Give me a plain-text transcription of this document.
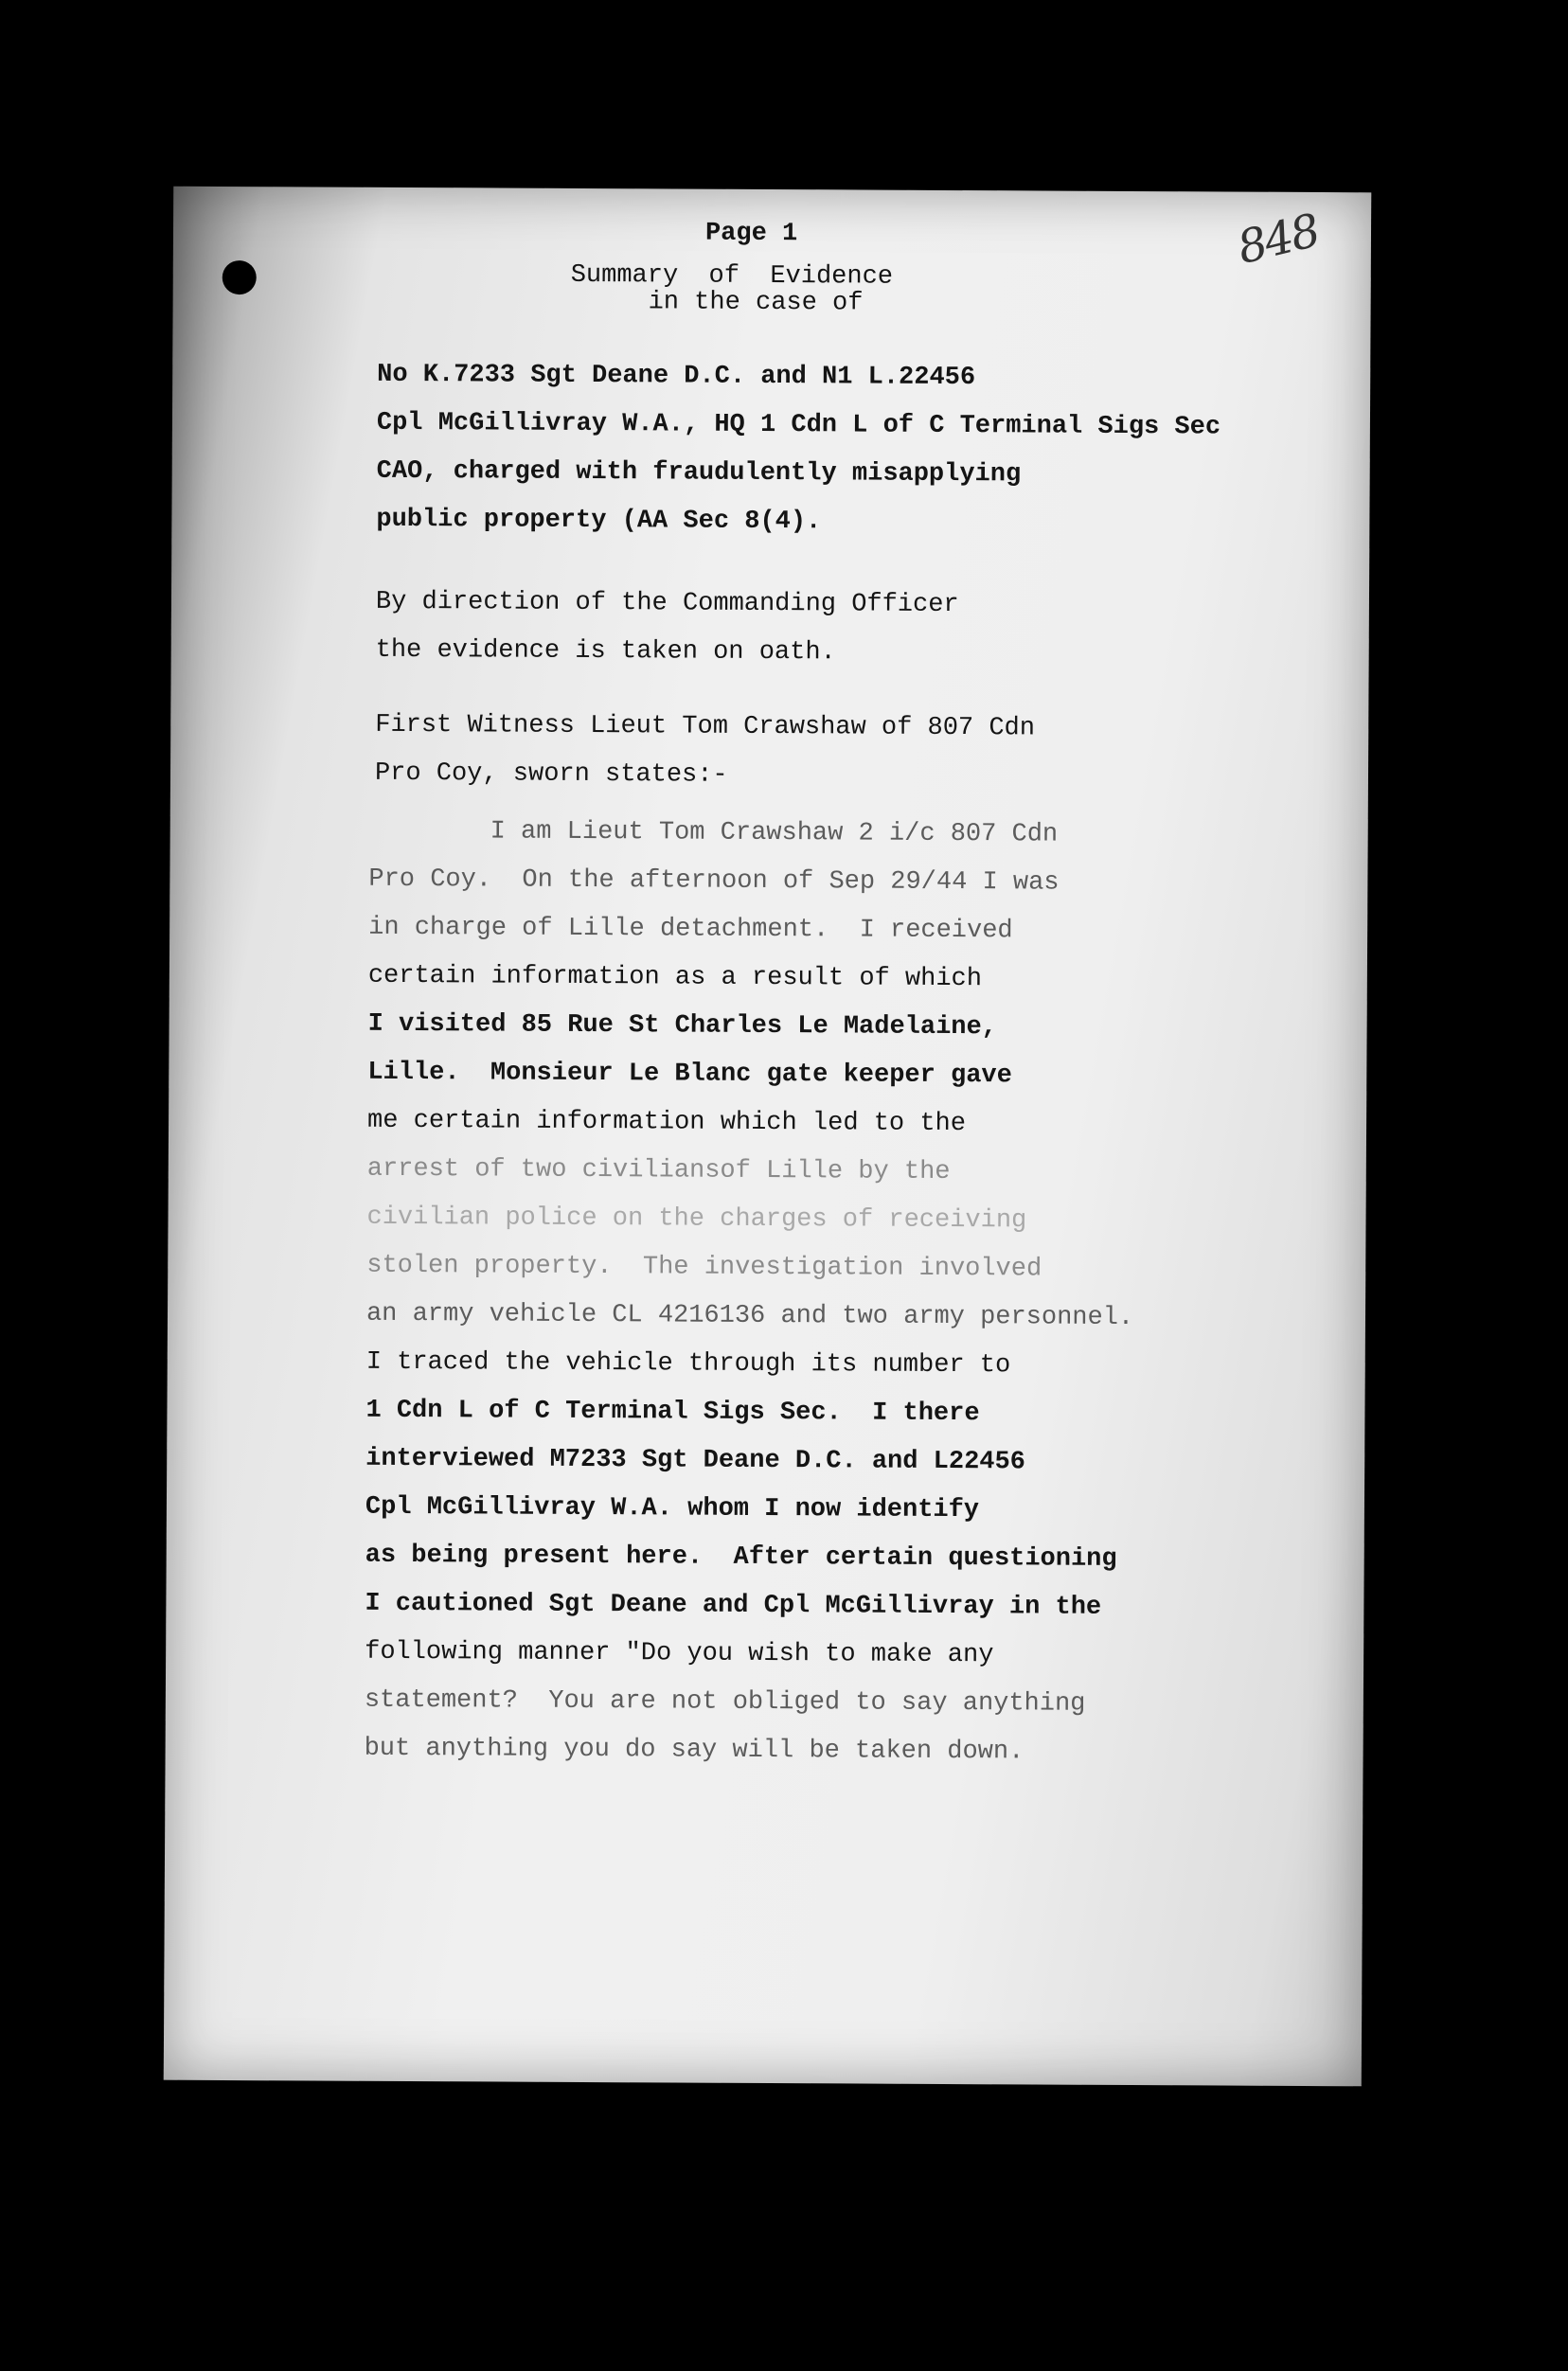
848

Page 1

Summary  of  Evidence

in the case of

No K.7233 Sgt Deane D.C. and N1 L.22456

Cpl McGillivray W.A., HQ 1 Cdn L of C Terminal Sigs Sec

CAO, charged with fraudulently misapplying

public property (AA Sec 8(4).

By direction of the Commanding Officer

the evidence is taken on oath.

First Witness Lieut Tom Crawshaw of 807 Cdn

Pro Coy, sworn states:-

I am Lieut Tom Crawshaw 2 i/c 807 Cdn

Pro Coy.  On the afternoon of Sep 29/44 I was

in charge of Lille detachment.  I received

certain information as a result of which

I visited 85 Rue St Charles Le Madelaine,

Lille.  Monsieur Le Blanc gate keeper gave

me certain information which led to the

arrest of two civiliansof Lille by the

civilian police on the charges of receiving

stolen property.  The investigation involved

an army vehicle CL 4216136 and two army personnel.

I traced the vehicle through its number to

1 Cdn L of C Terminal Sigs Sec.  I there

interviewed M7233 Sgt Deane D.C. and L22456

Cpl McGillivray W.A. whom I now identify

as being present here.  After certain questioning

I cautioned Sgt Deane and Cpl McGillivray in the

following manner "Do you wish to make any

statement?  You are not obliged to say anything

but anything you do say will be taken down.
